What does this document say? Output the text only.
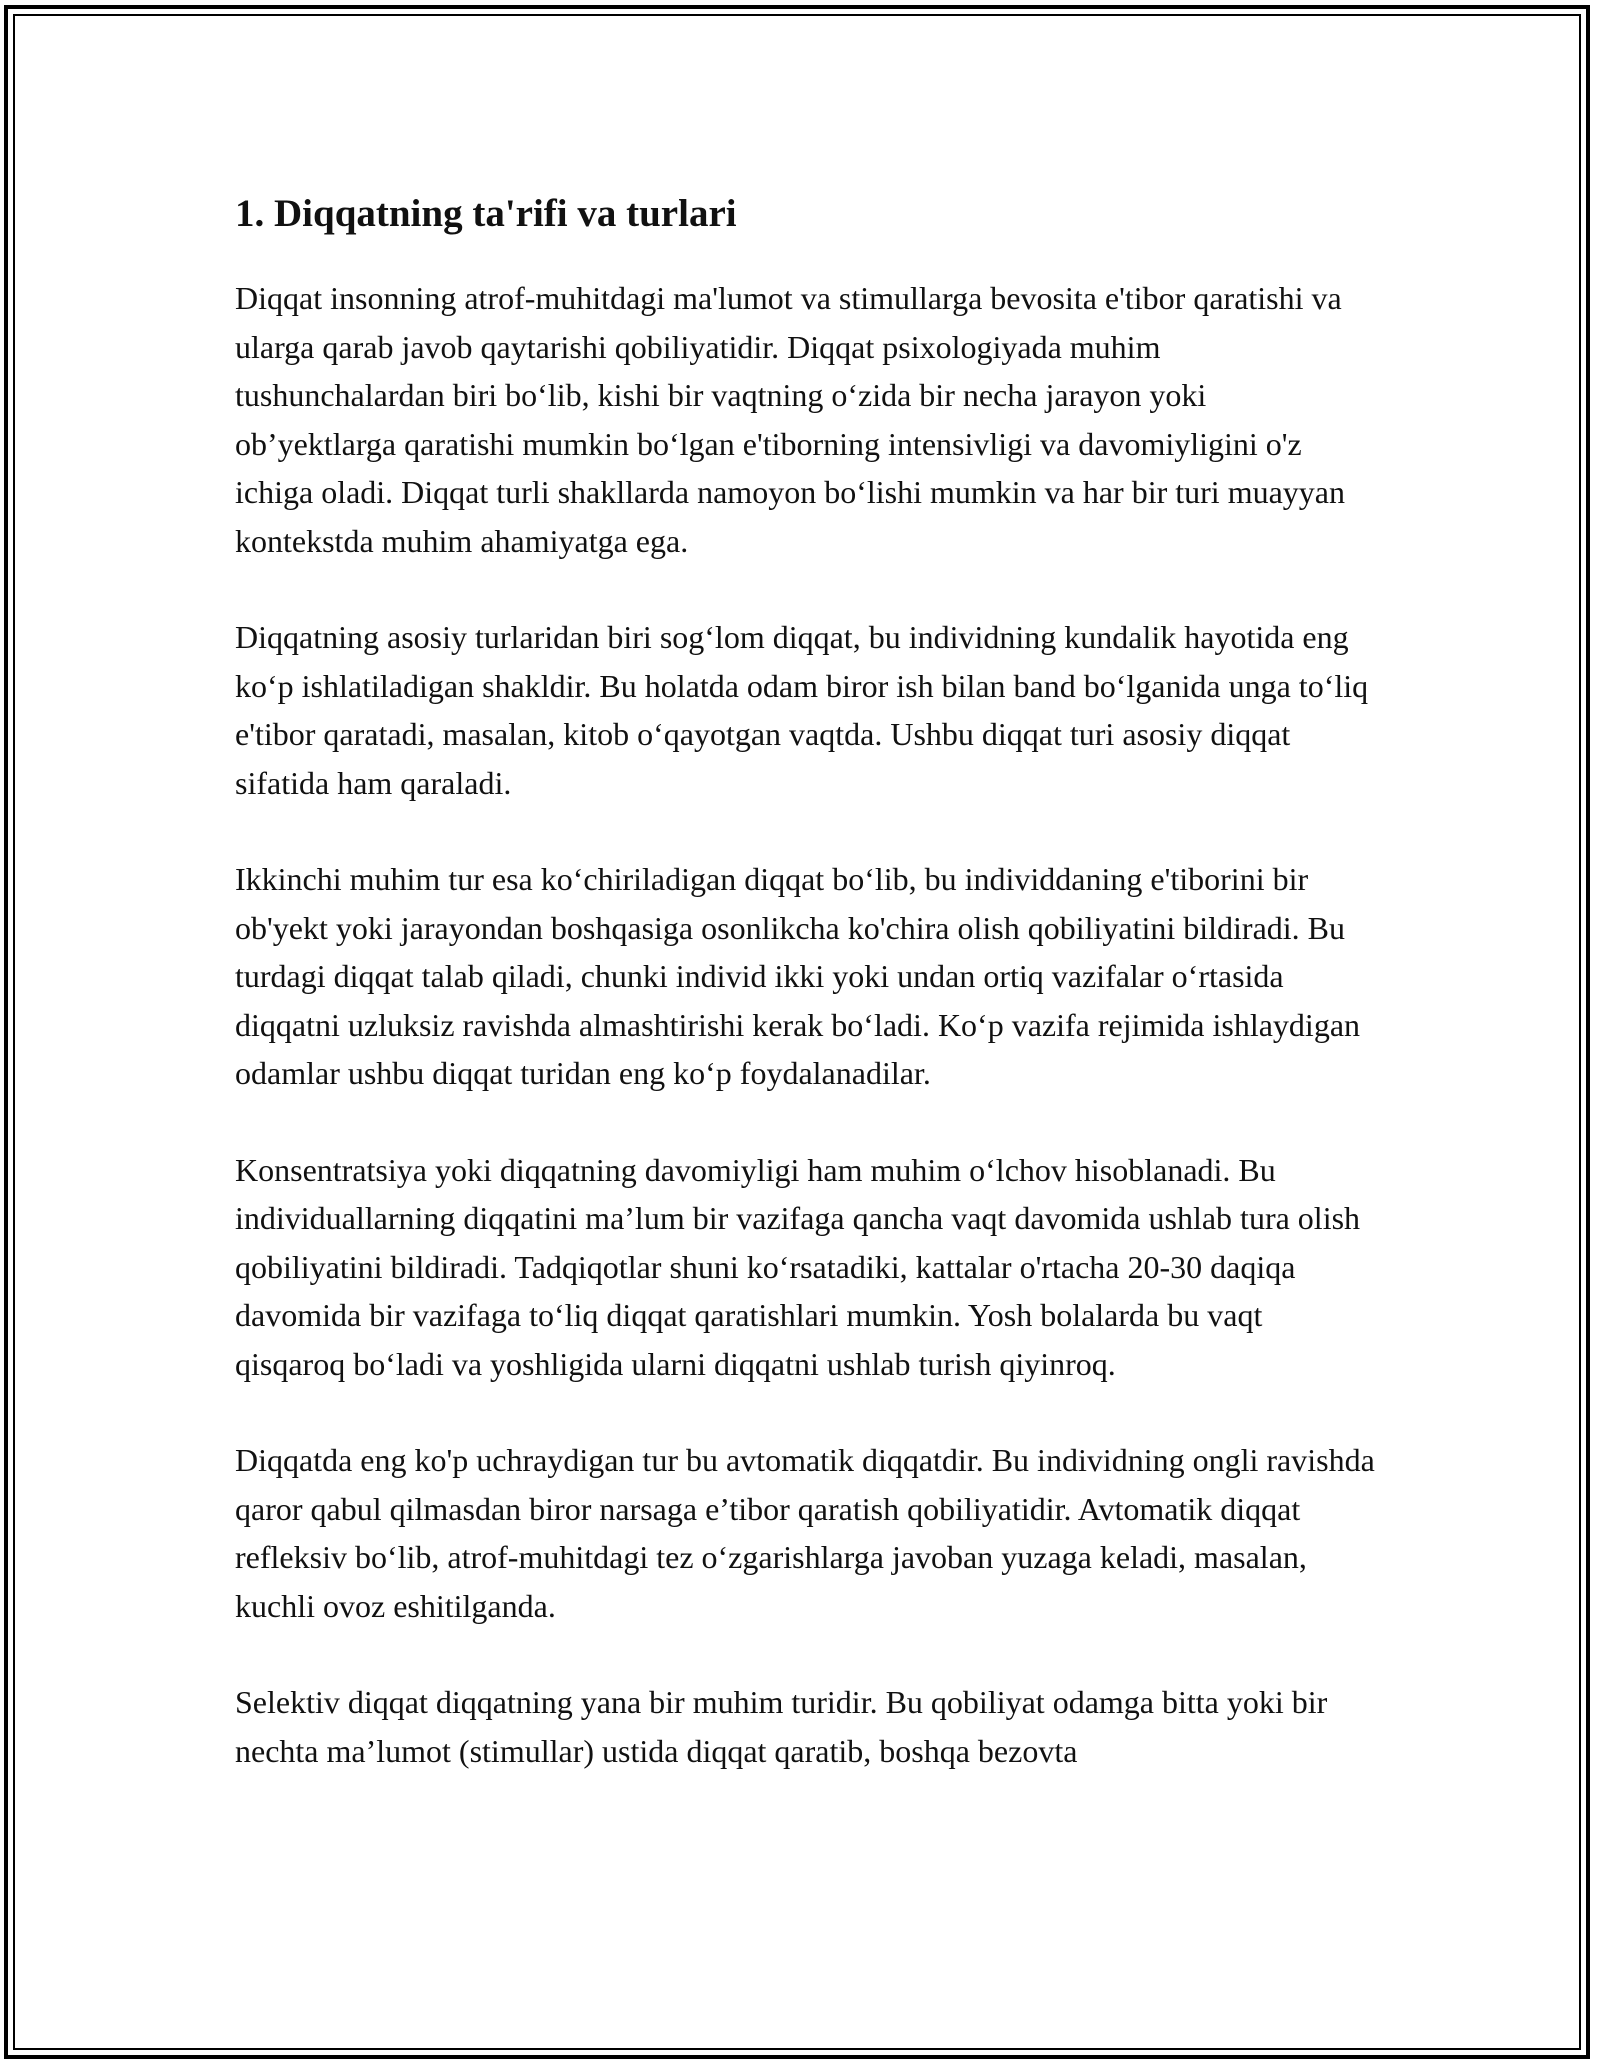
1. Diqqatning ta'rifi va turlari

Diqqat insonning atrof-muhitdagi ma'lumot va stimullarga bevosita e'tibor qaratishi va ularga qarab javob qaytarishi qobiliyatidir. Diqqat psixologiyada muhim tushunchalardan biri bo‘lib, kishi bir vaqtning o‘zida bir necha jarayon yoki ob’yektlarga qaratishi mumkin bo‘lgan e'tiborning intensivligi va davomiyligini o'z ichiga oladi. Diqqat turli shakllarda namoyon bo‘lishi mumkin va har bir turi muayyan kontekstda muhim ahamiyatga ega.

Diqqatning asosiy turlaridan biri sog‘lom diqqat, bu individning kundalik hayotida eng ko‘p ishlatiladigan shakldir. Bu holatda odam biror ish bilan band bo‘lganida unga to‘liq e'tibor qaratadi, masalan, kitob o‘qayotgan vaqtda. Ushbu diqqat turi asosiy diqqat sifatida ham qaraladi.

Ikkinchi muhim tur esa ko‘chiriladigan diqqat bo‘lib, bu individdaning e'tiborini bir ob'yekt yoki jarayondan boshqasiga osonlikcha ko'chira olish qobiliyatini bildiradi. Bu turdagi diqqat talab qiladi, chunki individ ikki yoki undan ortiq vazifalar o‘rtasida diqqatni uzluksiz ravishda almashtirishi kerak bo‘ladi. Ko‘p vazifa rejimida ishlaydigan odamlar ushbu diqqat turidan eng ko‘p foydalanadilar.

Konsentratsiya yoki diqqatning davomiyligi ham muhim o‘lchov hisoblanadi. Bu individuallarning diqqatini ma’lum bir vazifaga qancha vaqt davomida ushlab tura olish qobiliyatini bildiradi. Tadqiqotlar shuni ko‘rsatadiki, kattalar o'rtacha 20-30 daqiqa davomida bir vazifaga to‘liq diqqat qaratishlari mumkin. Yosh bolalarda bu vaqt qisqaroq bo‘ladi va yoshligida ularni diqqatni ushlab turish qiyinroq.

Diqqatda eng ko'p uchraydigan tur bu avtomatik diqqatdir. Bu individning ongli ravishda qaror qabul qilmasdan biror narsaga e’tibor qaratish qobiliyatidir. Avtomatik diqqat refleksiv bo‘lib, atrof-muhitdagi tez o‘zgarishlarga javoban yuzaga keladi, masalan, kuchli ovoz eshitilganda.

Selektiv diqqat diqqatning yana bir muhim turidir. Bu qobiliyat odamga bitta yoki bir nechta ma’lumot (stimullar) ustida diqqat qaratib, boshqa bezovta
